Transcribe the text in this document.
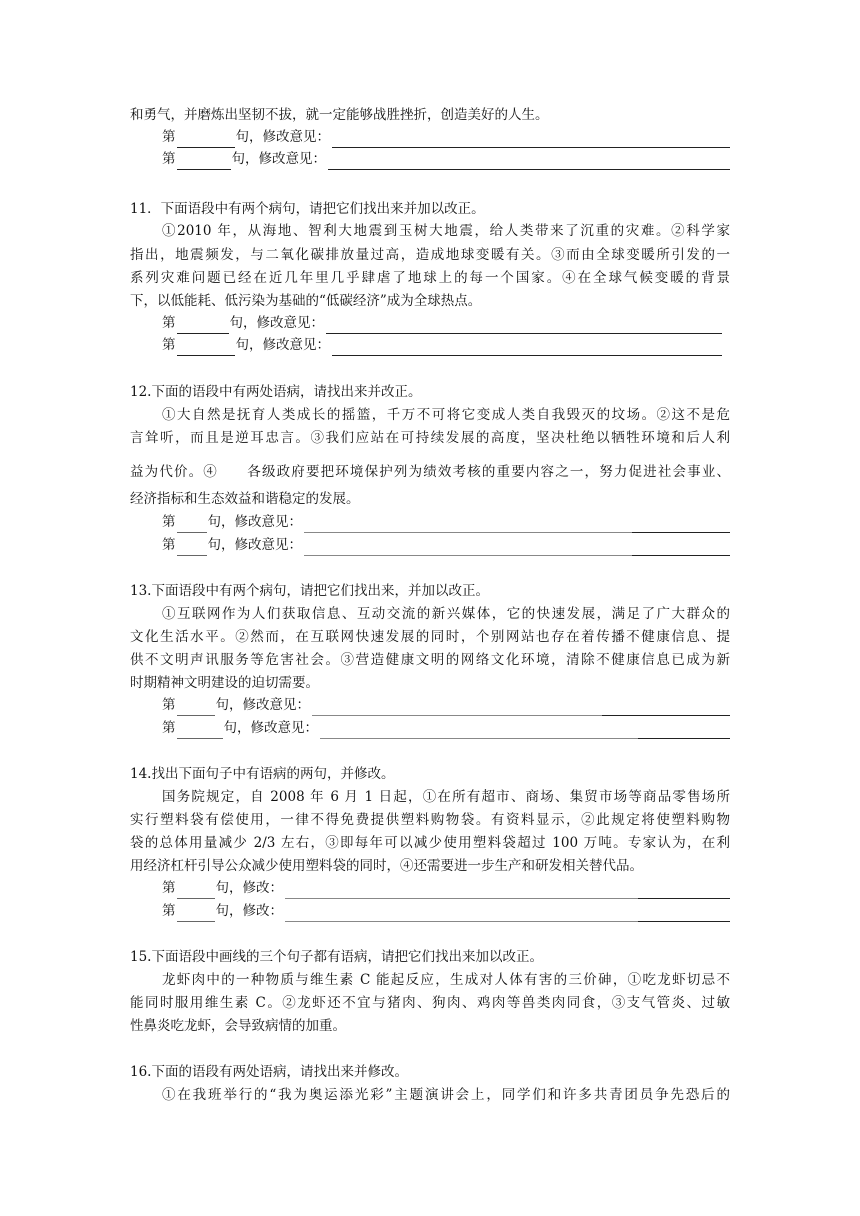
和勇气，并磨炼出坚韧不拔，就一定能够战胜挫折，创造美好的人生。
第	句，修改意见：
第	句，修改意见：
11．下面语段中有两个病句，请把它们找出来并加以改正。
①2010 年，从海地、智利大地震到玉树大地震，给人类带来了沉重的灾难。②科学家
指出，地震频发，与二氧化碳排放量过高，造成地球变暖有关。③而由全球变暖所引发的一
系列灾难问题已经在近几年里几乎肆虐了地球上的每一个国家。④在全球气候变暖的背景
下，以低能耗、低污染为基础的“低碳经济”成为全球热点。
第	句，修改意见：
第	句，修改意见：
12.下面的语段中有两处语病，请找出来并改正。
①大自然是抚育人类成长的摇篮，千万不可将它变成人类自我毁灭的坟场。②这不是危
言耸听，而且是逆耳忠言。③我们应站在可持续发展的高度，坚决杜绝以牺牲环境和后人利
益为代价。④　　各级政府要把环境保护列为绩效考核的重要内容之一，努力促进社会事业、
经济指标和生态效益和谐稳定的发展。
第 句，修改意见：
第 句，修改意见：
13.下面语段中有两个病句，请把它们找出来，并加以改正。
①互联网作为人们获取信息、互动交流的新兴媒体，它的快速发展，满足了广大群众的
文化生活水平。②然而，在互联网快速发展的同时，个别网站也存在着传播不健康信息、提
供不文明声讯服务等危害社会。③营造健康文明的网络文化环境，清除不健康信息已成为新
时期精神文明建设的迫切需要。
第	句，修改意见：
第	句，修改意见：
14.找出下面句子中有语病的两句，并修改。
国务院规定，自 2008 年 6 月 1 日起，①在所有超市、商场、集贸市场等商品零售场所
实行塑料袋有偿使用，一律不得免费提供塑料购物袋。有资料显示，②此规定将使塑料购物
袋的总体用量减少 2/3 左右，③即每年可以减少使用塑料袋超过 100 万吨。专家认为，在利
用经济杠杆引导公众减少使用塑料袋的同时，④还需要进一步生产和研发相关替代品。
第	句，修改：
第	句，修改：
15.下面语段中画线的三个句子都有语病，请把它们找出来加以改正。
龙虾肉中的一种物质与维生素 C 能起反应，生成对人体有害的三价砷，①吃龙虾切忌不
能同时服用维生素 C。②龙虾还不宜与猪肉、狗肉、鸡肉等兽类肉同食，③支气管炎、过敏
性鼻炎吃龙虾，会导致病情的加重。
16.下面的语段有两处语病，请找出来并修改。
①在我班举行的“我为奥运添光彩”主题演讲会上，同学们和许多共青团员争先恐后的
